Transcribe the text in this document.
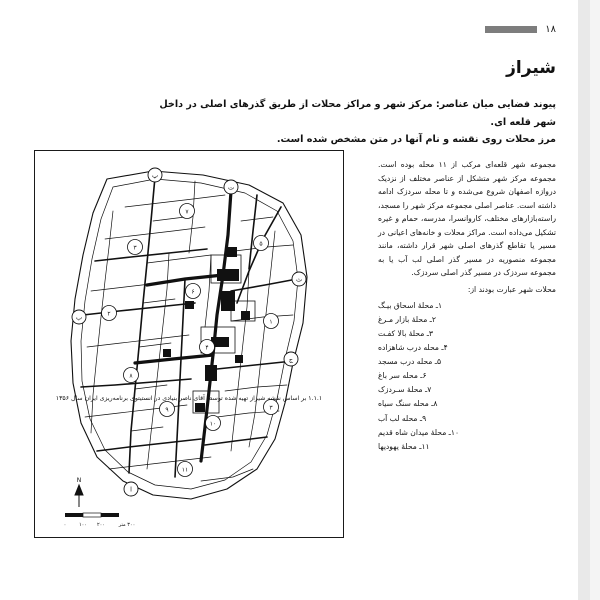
۱۸
شیراز
پیوند فضایی میان عناصر: مرکز شهر و مراکز محلات از طریق گذرهای اصلی در داخل شهر قلعه ای.
مرز محلات روی نقشه و نام آنها در متن مشخص شده است.

مجموعه شهر قلعه‌ای مرکب از ۱۱ محله بوده است. مجموعه مرکز شهر متشکل از عناصر مختلف از نزدیک دروازه اصفهان شروع می‌شده و تا محله سردزک ادامه داشته است. عناصر اصلی مجموعه مرکز شهر را مسجد، راسته‌بازارهای مختلف، کاروانسرا، مدرسه، حمام و غیره تشکیل می‌داده است. مراکز محلات و خانه‌های اعیانی در مسیر یا تقاطع گذرهای اصلی شهر قرار داشته، مانند مجموعه منصوریه در مسیر گذر اصلی لب آب یا به مجموعه سردزک در مسیر گذر اصلی سردزک.

محلات شهر عبارت بودند از:

۱ـ محلهٔ اسحاق بیـگ
۲ـ محلهٔ بازار مـرغ
۳ـ محلهٔ بالا کفـت
۴ـ محله درب شاهزاده
۵ـ محله درب مسجد
۶ـ محله سر باغ
۷ـ محلهٔ سـردزک
۸ـ محله سنگ سیاه
۹ـ محله لب آب
۱۰ـ محلهٔ میدان شاه قدیم
۱۱ـ محلهٔ یهودیها
ت
ث
ج
پ
ب
ا
۷
۳
۵
۶
۲
۱
۴
۸
۹
۱۰
۳
۱۱
N
۰	۱۰۰ ۲۰۰	۳۰۰ متر
۱.۱.۱ بر اساس نقشه شیراز تهیه شده توسط آقای ناصر بنیادی در انستیتوی برنامه‌ریزی ایران سال ۱۳۵۶
